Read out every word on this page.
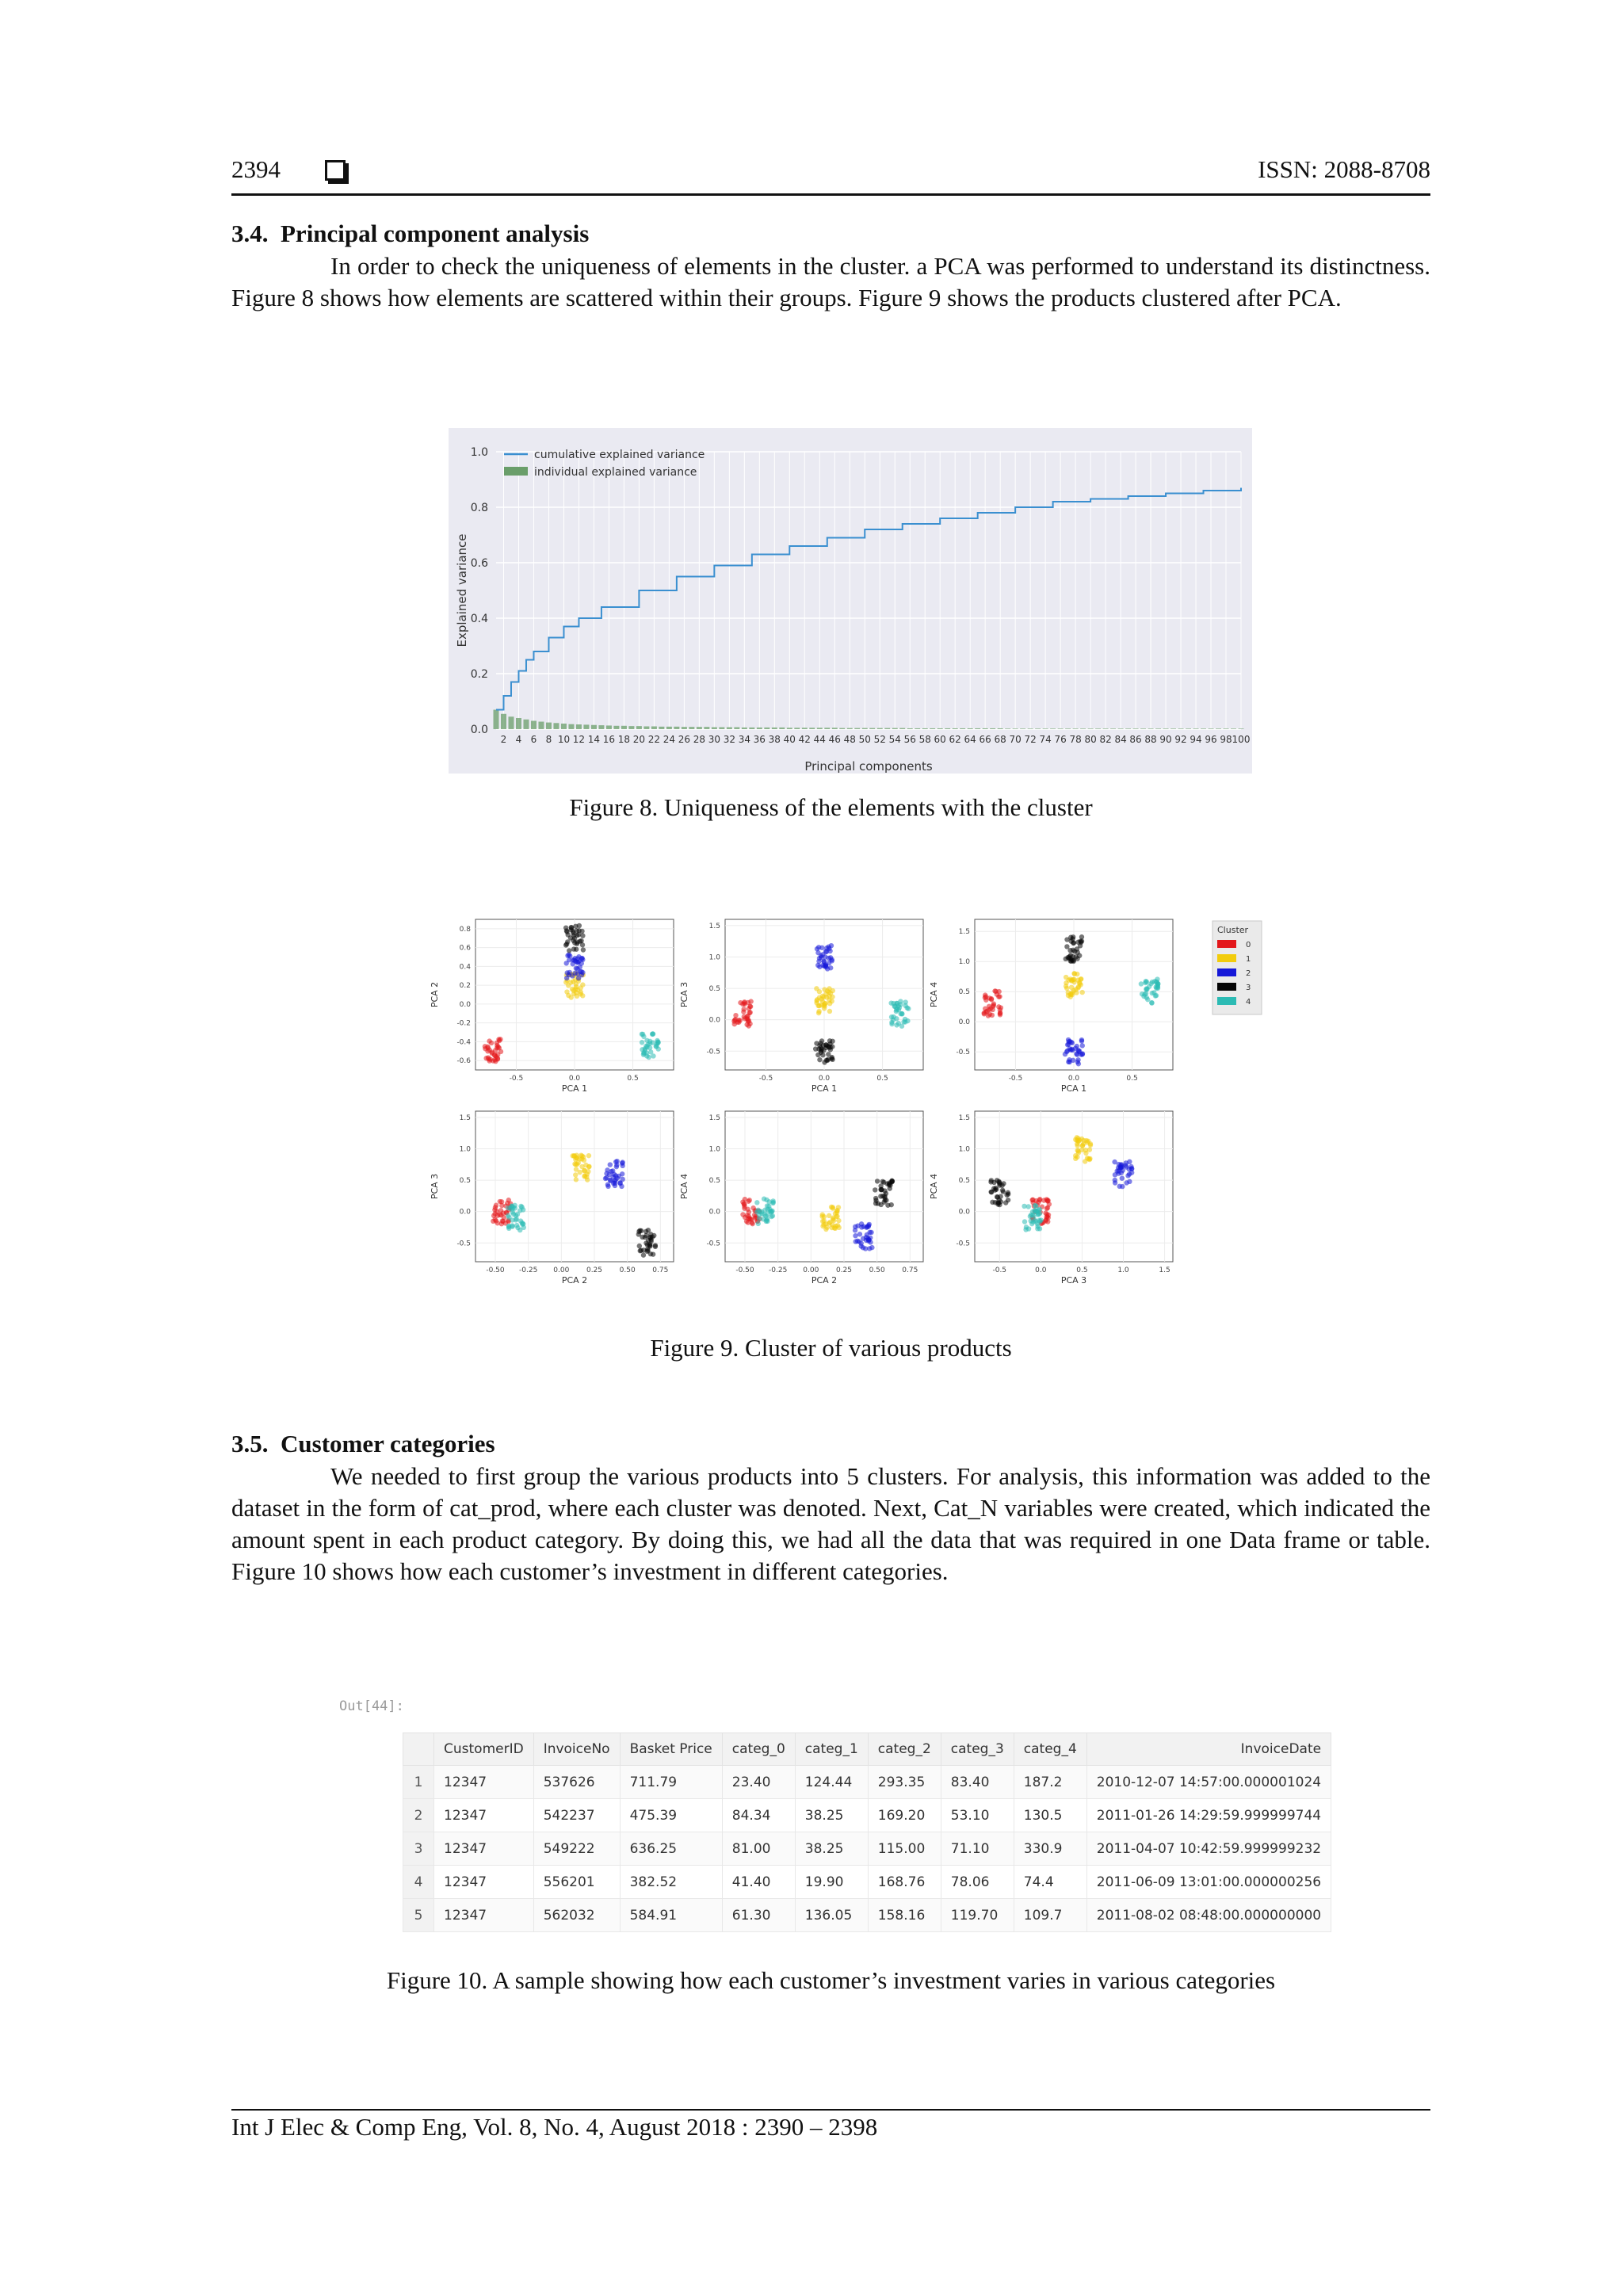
2394	ISSN: 2088-8708
3.4. Principal component analysis
In order to check the uniqueness of elements in the cluster. a PCA was performed to understand its distinctness. Figure 8 shows how elements are scattered within their groups. Figure 9 shows the products clustered after PCA.
0.0
0.2
0.4
0.6
0.8
1.0
2 4 6 8 10 12 14 16 18 20 22 24 26 28 30 32 34 36 38 40 42 44 46 48 50 52 54 56 58 60 62 64 66 68 70 72 74 76 78 80 82 84 86 88 90 92 94 96 98 100
cumulative explained variance
individual explained variance
Principal components
Explained variance
Figure 8. Uniqueness of the elements with the cluster
0.8
0.6
0.4
0.2
0.0
-0.2
-0.4
-0.6
-0.5	0.0	0.5
PCA 1
PCA 2
1.5
1.0
0.5
0.0
-0.5
-0.5	0.0	0.5
PCA 1
PCA 3
1.5
1.0
0.5
0.0
-0.5
-0.5	0.0	0.5
PCA 1
PCA 4
1.5
1.0
0.5
0.0
-0.5
-0.50 -0.25 0.00 0.25 0.50 0.75
PCA 2
PCA 3
1.5
1.0
0.5
0.0
-0.5
-0.50 -0.25 0.00 0.25 0.50 0.75
PCA 2
PCA 4
1.5
1.0
0.5
0.0
-0.5
-0.5	0.0	0.5	1.0	1.5
PCA 3
PCA 4
Cluster
0
1
2
3
4
Figure 9. Cluster of various products
3.5. Customer categories
We needed to first group the various products into 5 clusters. For analysis, this information was added to the dataset in the form of cat_prod, where each cluster was denoted. Next, Cat_N variables were created, which indicated the amount spent in each product category. By doing this, we had all the data that was required in one Data frame or table. Figure 10 shows how each customer’s investment in different categories.
Out[44]:
	CustomerID	InvoiceNo	Basket Price	categ_0	categ_1	categ_2	categ_3	categ_4	InvoiceDate
1	12347	537626	711.79	23.40	124.44	293.35	83.40	187.2	2010-12-07 14:57:00.000001024
2	12347	542237	475.39	84.34	38.25	169.20	53.10	130.5	2011-01-26 14:29:59.999999744
3	12347	549222	636.25	81.00	38.25	115.00	71.10	330.9	2011-04-07 10:42:59.999999232
4	12347	556201	382.52	41.40	19.90	168.76	78.06	74.4	2011-06-09 13:01:00.000000256
5	12347	562032	584.91	61.30	136.05	158.16	119.70	109.7	2011-08-02 08:48:00.000000000
Figure 10. A sample showing how each customer’s investment varies in various categories
Int J Elec & Comp Eng, Vol. 8, No. 4, August 2018 : 2390 – 2398
